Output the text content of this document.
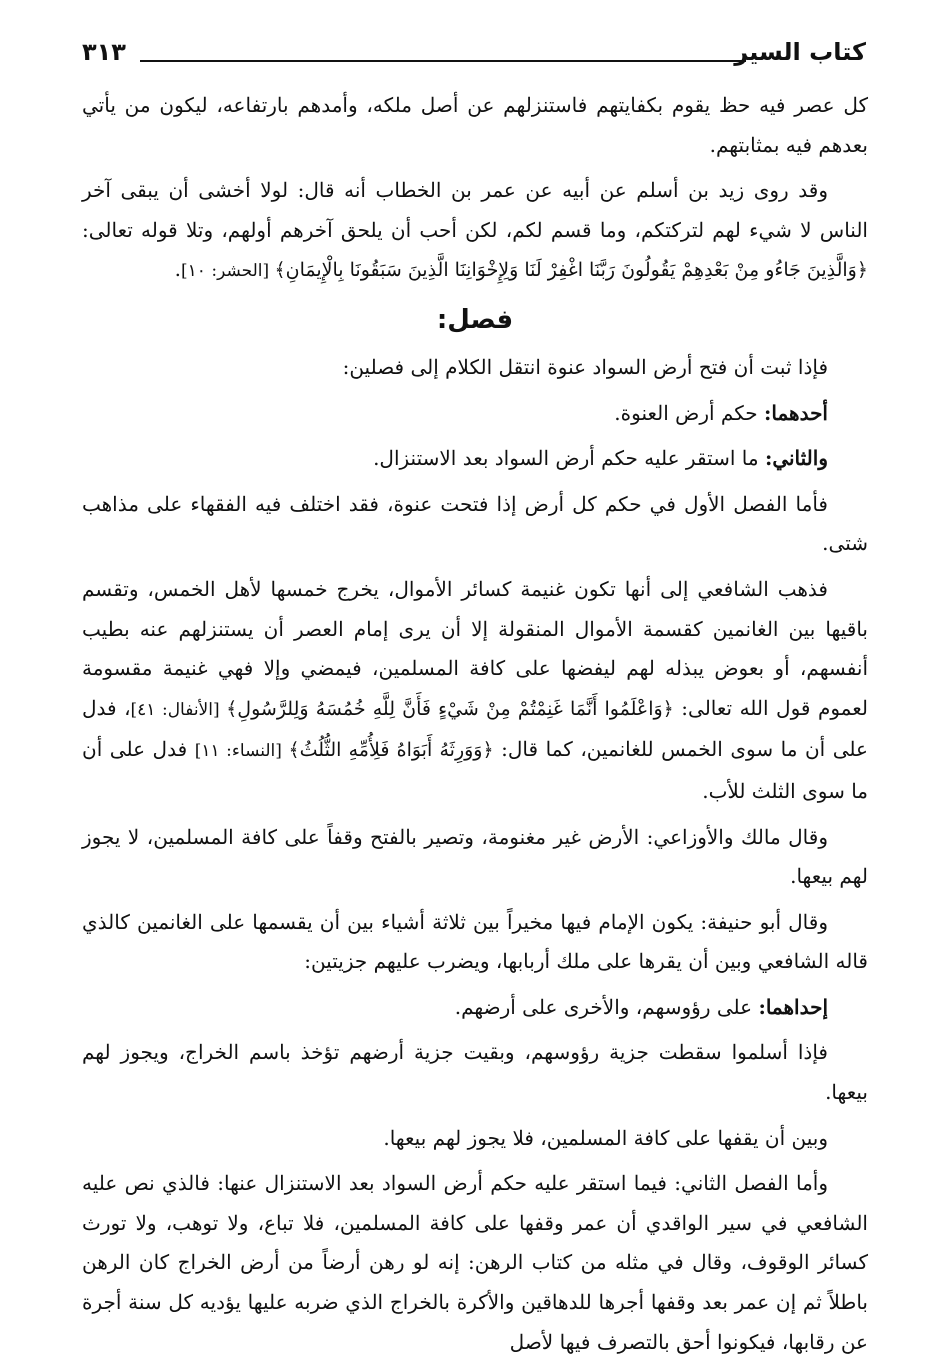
كتاب السير
٣١٣

كل عصر فيه حظ يقوم بكفايتهم فاستنزلهم عن أصل ملكه، وأمدهم بارتفاعه، ليكون من يأتي بعدهم فيه بمثابتهم.

وقد روى زيد بن أسلم عن أبيه عن عمر بن الخطاب أنه قال: لولا أخشى أن يبقى آخر الناس لا شيء لهم لتركتكم، وما قسم لكم، لكن أحب أن يلحق آخرهم أولهم، وتلا قوله تعالى: ﴿وَالَّذِينَ جَاءُو مِنْ بَعْدِهِمْ يَقُولُونَ رَبَّنَا اغْفِرْ لَنَا وَلِإِخْوَانِنَا الَّذِينَ سَبَقُونَا بِالْإِيمَانِ﴾ [الحشر: ١٠].

فصل:

فإذا ثبت أن فتح أرض السواد عنوة انتقل الكلام إلى فصلين:

أحدهما: حكم أرض العنوة.

والثاني: ما استقر عليه حكم أرض السواد بعد الاستنزال.

فأما الفصل الأول في حكم كل أرض إذا فتحت عنوة، فقد اختلف فيه الفقهاء على مذاهب شتى.

فذهب الشافعي إلى أنها تكون غنيمة كسائر الأموال، يخرج خمسها لأهل الخمس، وتقسم باقيها بين الغانمين كقسمة الأموال المنقولة إلا أن يرى إمام العصر أن يستنزلهم عنه بطيب أنفسهم، أو بعوض يبذله لهم ليفضها على كافة المسلمين، فيمضي وإلا فهي غنيمة مقسومة لعموم قول الله تعالى: ﴿وَاعْلَمُوا أَنَّمَا غَنِمْتُمْ مِنْ شَيْءٍ فَأَنَّ لِلَّهِ خُمُسَهُ وَلِلرَّسُولِ﴾ [الأنفال: ٤١]، فدل على أن ما سوى الخمس للغانمين، كما قال: ﴿وَوَرِثَهُ أَبَوَاهُ فَلِأُمِّهِ الثُّلُثُ﴾ [النساء: ١١] فدل على أن ما سوى الثلث للأب.

وقال مالك والأوزاعي: الأرض غير مغنومة، وتصير بالفتح وقفاً على كافة المسلمين، لا يجوز لهم بيعها.

وقال أبو حنيفة: يكون الإمام فيها مخيراً بين ثلاثة أشياء بين أن يقسمها على الغانمين كالذي قاله الشافعي وبين أن يقرها على ملك أربابها، ويضرب عليهم جزيتين:

إحداهما: على رؤوسهم، والأخرى على أرضهم.

فإذا أسلموا سقطت جزية رؤوسهم، وبقيت جزية أرضهم تؤخذ باسم الخراج، ويجوز لهم بيعها.

وبين أن يقفها على كافة المسلمين، فلا يجوز لهم بيعها.

وأما الفصل الثاني: فيما استقر عليه حكم أرض السواد بعد الاستنزال عنها: فالذي نص عليه الشافعي في سير الواقدي أن عمر وقفها على كافة المسلمين، فلا تباع، ولا توهب، ولا تورث كسائر الوقوف، وقال في مثله من كتاب الرهن: إنه لو رهن أرضاً من أرض الخراج كان الرهن باطلاً ثم إن عمر بعد وقفها أجرها للدهاقين والأكرة بالخراج الذي ضربه عليها يؤديه كل سنة أجرة عن رقابها، فيكونوا أحق بالتصرف فيها لأصل
